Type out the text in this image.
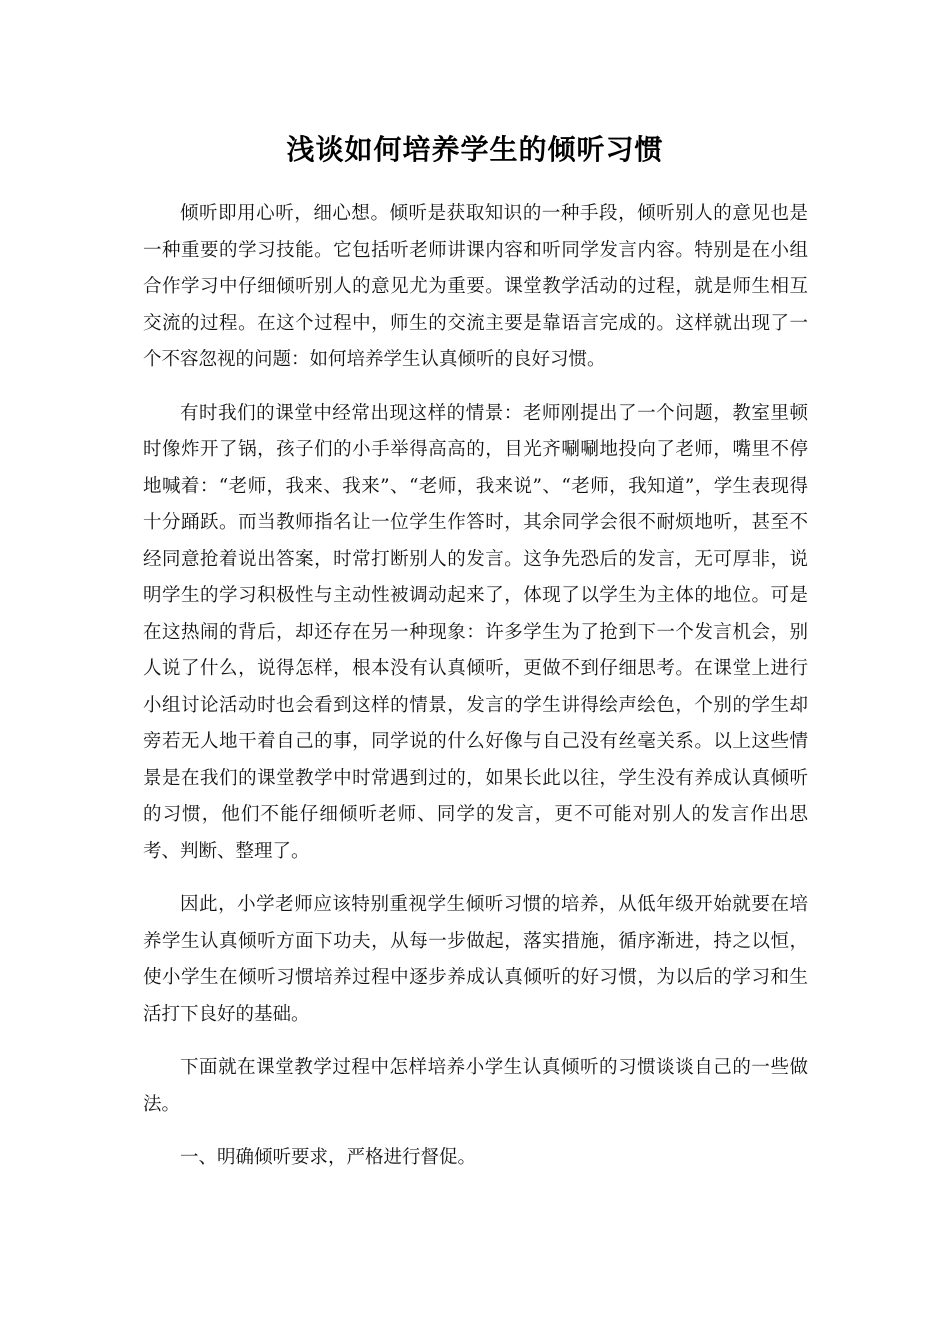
浅谈如何培养学生的倾听习惯

倾听即用心听，细心想。倾听是获取知识的一种手段，倾听别人的意见也是一种重要的学习技能。它包括听老师讲课内容和听同学发言内容。特别是在小组合作学习中仔细倾听别人的意见尤为重要。课堂教学活动的过程，就是师生相互交流的过程。在这个过程中，师生的交流主要是靠语言完成的。这样就出现了一个不容忽视的问题：如何培养学生认真倾听的良好习惯。

有时我们的课堂中经常出现这样的情景：老师刚提出了一个问题，教室里顿时像炸开了锅，孩子们的小手举得高高的，目光齐唰唰地投向了老师，嘴里不停地喊着：“老师，我来、我来”、“老师，我来说”、“老师，我知道”，学生表现得十分踊跃。而当教师指名让一位学生作答时，其余同学会很不耐烦地听，甚至不经同意抢着说出答案，时常打断别人的发言。这争先恐后的发言，无可厚非，说明学生的学习积极性与主动性被调动起来了，体现了以学生为主体的地位。可是在这热闹的背后，却还存在另一种现象：许多学生为了抢到下一个发言机会，别人说了什么，说得怎样，根本没有认真倾听，更做不到仔细思考。在课堂上进行小组讨论活动时也会看到这样的情景，发言的学生讲得绘声绘色，个别的学生却旁若无人地干着自己的事，同学说的什么好像与自己没有丝毫关系。以上这些情景是在我们的课堂教学中时常遇到过的，如果长此以往，学生没有养成认真倾听的习惯，他们不能仔细倾听老师、同学的发言，更不可能对别人的发言作出思考、判断、整理了。

因此，小学老师应该特别重视学生倾听习惯的培养，从低年级开始就要在培养学生认真倾听方面下功夫，从每一步做起，落实措施，循序渐进，持之以恒，使小学生在倾听习惯培养过程中逐步养成认真倾听的好习惯，为以后的学习和生活打下良好的基础。

下面就在课堂教学过程中怎样培养小学生认真倾听的习惯谈谈自己的一些做法。

一、明确倾听要求，严格进行督促。
